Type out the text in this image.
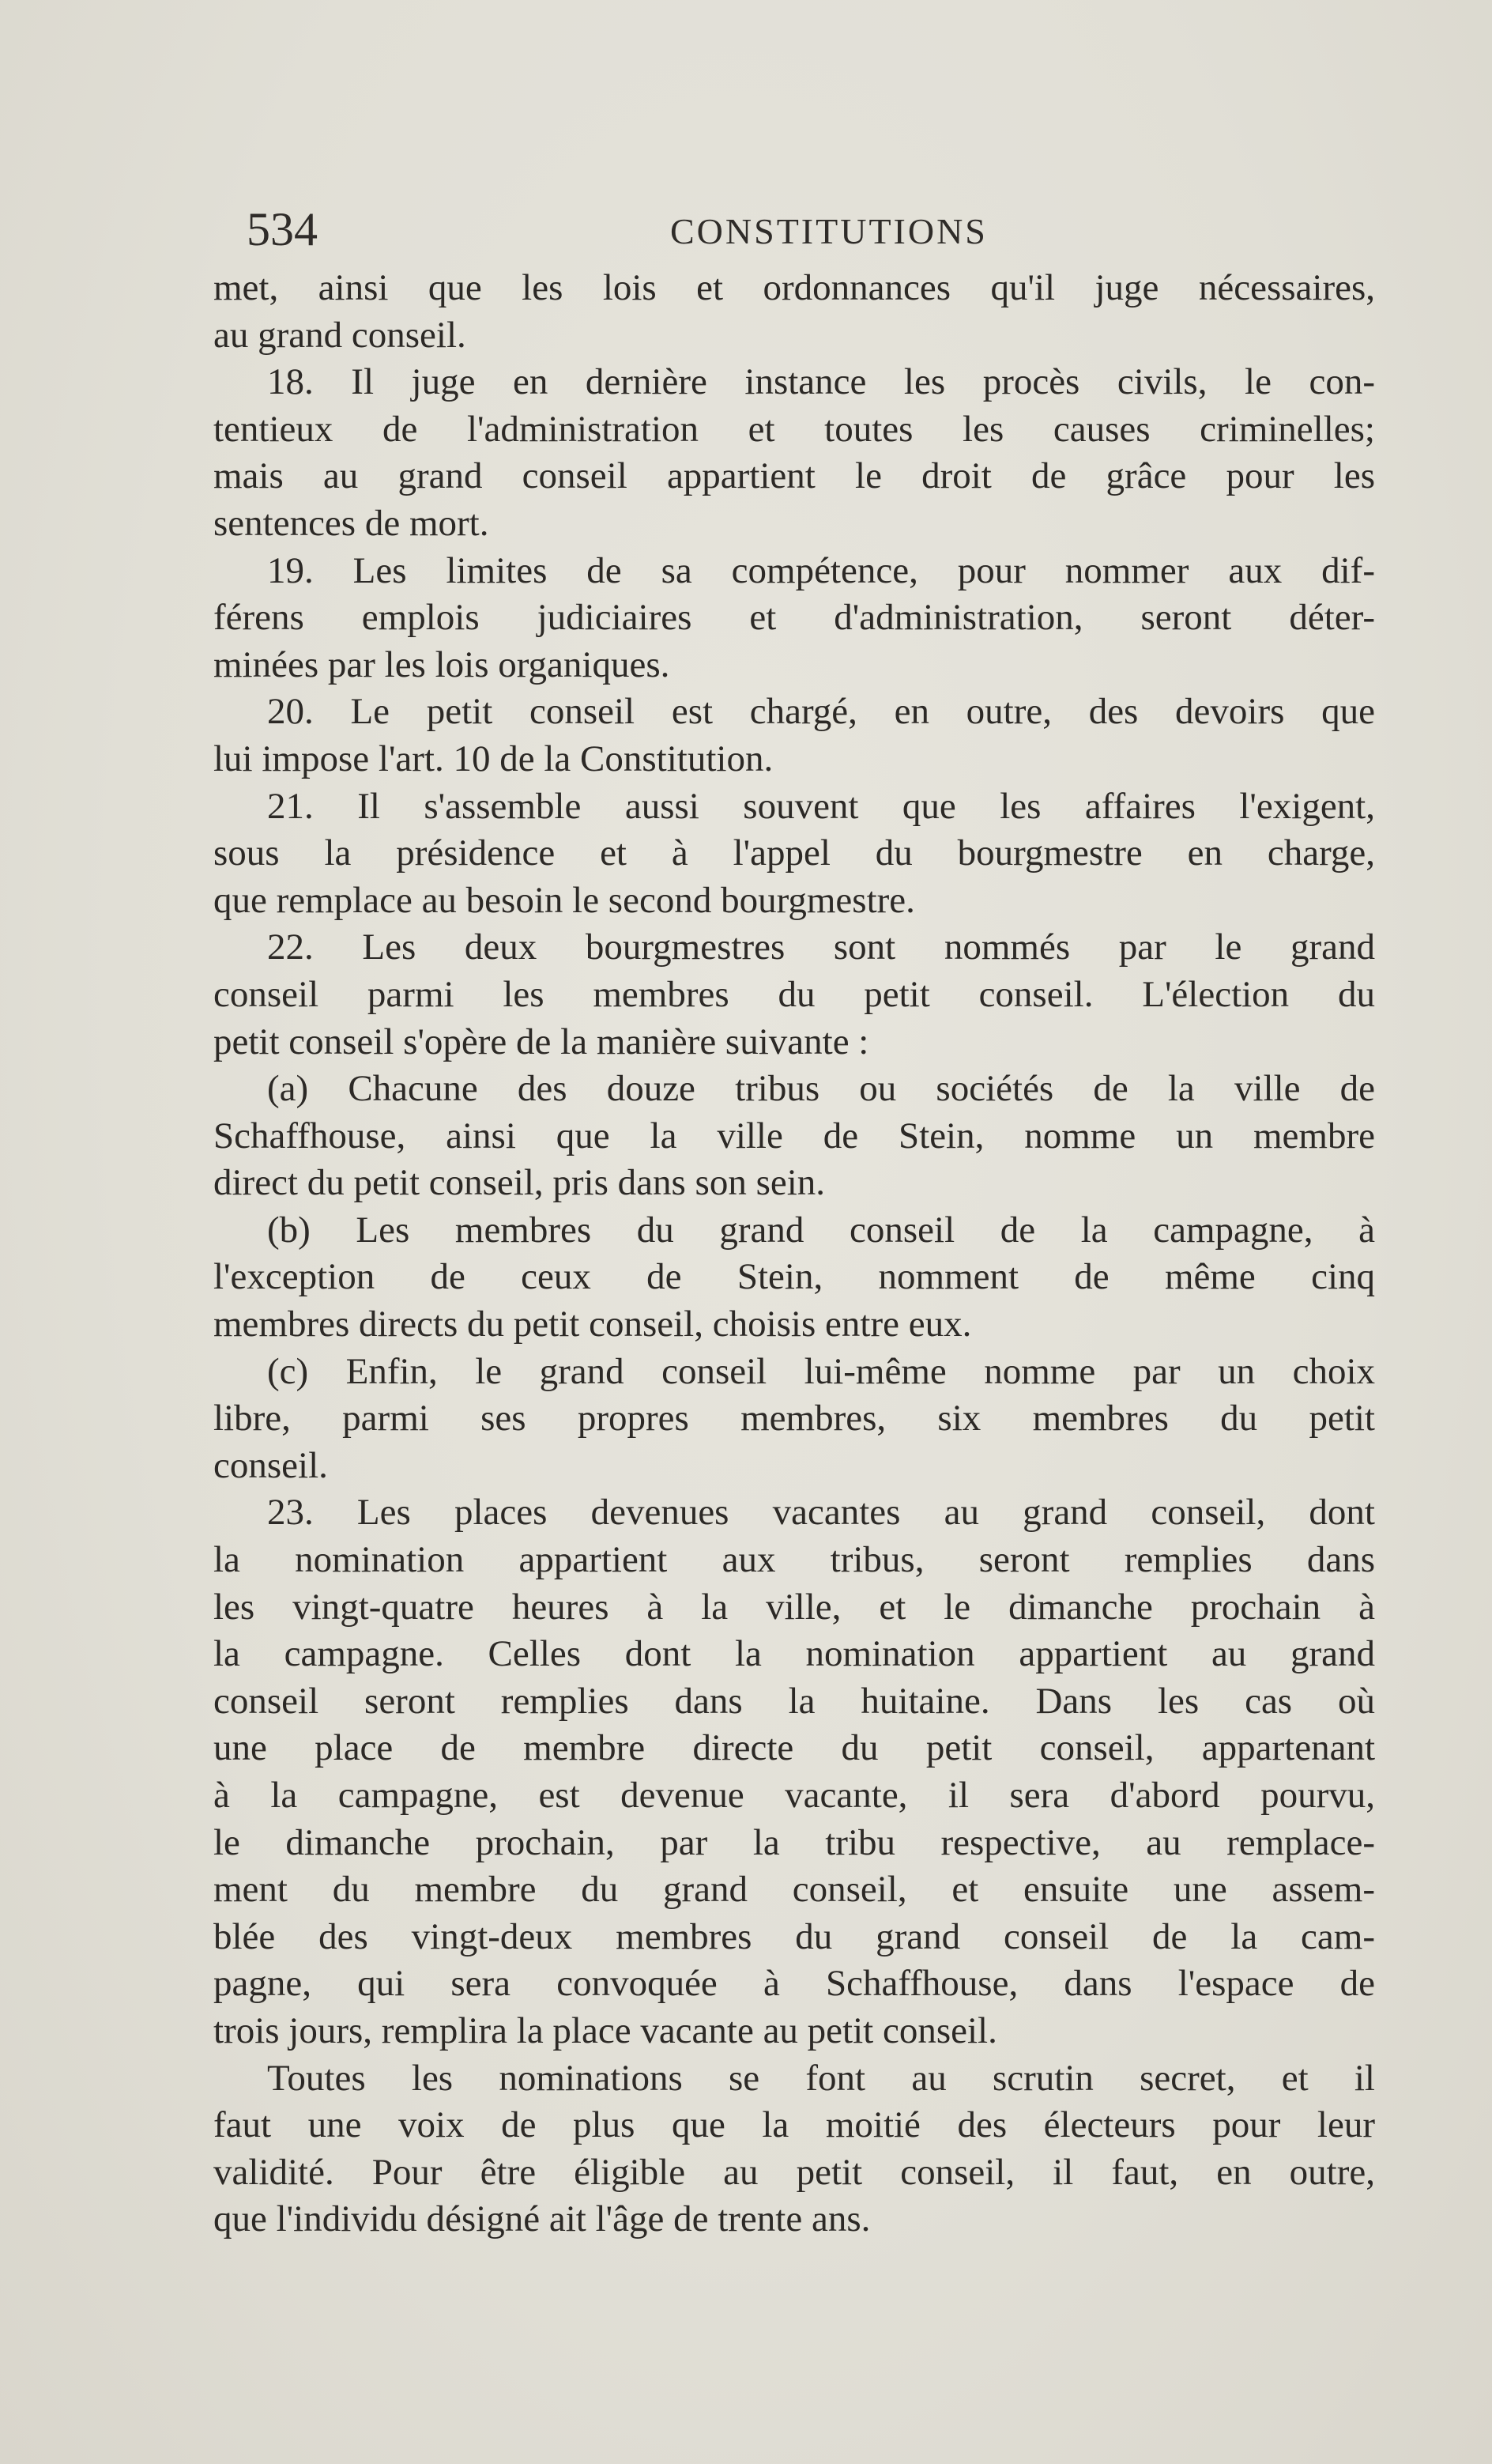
534	CONSTITUTIONS
met, ainsi que les lois et ordonnances qu'il juge nécessaires,
au grand conseil.
18. Il juge en dernière instance les procès civils, le con-
tentieux de l'administration et toutes les causes criminelles;
mais au grand conseil appartient le droit de grâce pour les
sentences de mort.
19. Les limites de sa compétence, pour nommer aux dif-
férens emplois judiciaires et d'administration, seront déter-
minées par les lois organiques.
20. Le petit conseil est chargé, en outre, des devoirs que
lui impose l'art. 10 de la Constitution.
21. Il s'assemble aussi souvent que les affaires l'exigent,
sous la présidence et à l'appel du bourgmestre en charge,
que remplace au besoin le second bourgmestre.
22. Les deux bourgmestres sont nommés par le grand
conseil parmi les membres du petit conseil. L'élection du
petit conseil s'opère de la manière suivante :
(a) Chacune des douze tribus ou sociétés de la ville de
Schaffhouse, ainsi que la ville de Stein, nomme un membre
direct du petit conseil, pris dans son sein.
(b) Les membres du grand conseil de la campagne, à
l'exception de ceux de Stein, nomment de même cinq
membres directs du petit conseil, choisis entre eux.
(c) Enfin, le grand conseil lui-même nomme par un choix
libre, parmi ses propres membres, six membres du petit
conseil.
23. Les places devenues vacantes au grand conseil, dont
la nomination appartient aux tribus, seront remplies dans
les vingt-quatre heures à la ville, et le dimanche prochain à
la campagne. Celles dont la nomination appartient au grand
conseil seront remplies dans la huitaine. Dans les cas où
une place de membre directe du petit conseil, appartenant
à la campagne, est devenue vacante, il sera d'abord pourvu,
le dimanche prochain, par la tribu respective, au remplace-
ment du membre du grand conseil, et ensuite une assem-
blée des vingt-deux membres du grand conseil de la cam-
pagne, qui sera convoquée à Schaffhouse, dans l'espace de
trois jours, remplira la place vacante au petit conseil.
Toutes les nominations se font au scrutin secret, et il
faut une voix de plus que la moitié des électeurs pour leur
validité. Pour être éligible au petit conseil, il faut, en outre,
que l'individu désigné ait l'âge de trente ans.
